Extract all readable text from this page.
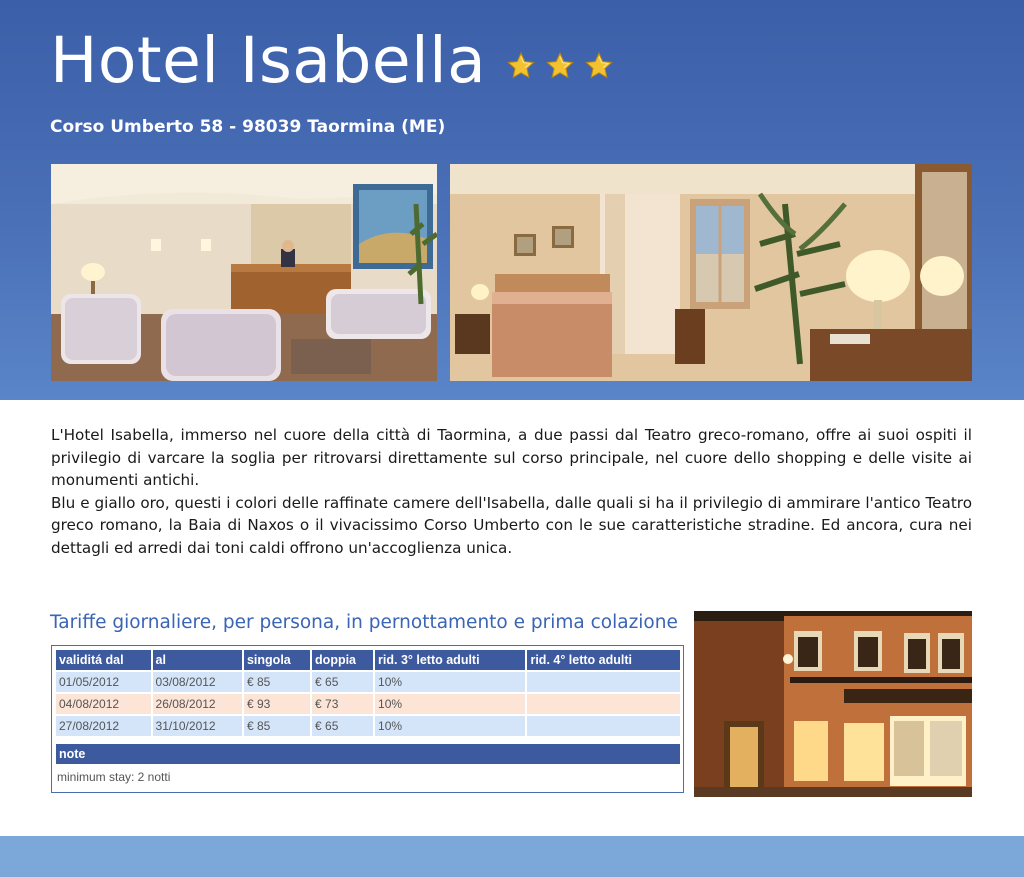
Hotel Isabella
Corso Umberto 58 - 98039 Taormina (ME)

L'Hotel Isabella, immerso nel cuore della città di Taormina, a due passi dal Teatro greco-romano, offre ai suoi ospiti il privilegio di varcare la soglia per ritrovarsi direttamente sul corso principale, nel cuore dello shopping e delle visite ai monumenti antichi.

Blu e giallo oro, questi i colori delle raffinate camere dell'Isabella, dalle quali si ha il privilegio di ammirare l'antico Teatro greco romano, la Baia di Naxos o il vivacissimo Corso Umberto con le sue caratteristiche stradine. Ed ancora, cura nei dettagli ed arredi dai toni caldi offrono un'accoglienza unica.

Tariffe giornaliere, per persona, in pernottamento e prima colazione
validitá dal	al	singola	doppia	rid. 3° letto adulti	rid. 4° letto adulti
01/05/2012	03/08/2012	€ 85	€ 65	10%	
04/08/2012	26/08/2012	€ 93	€ 73	10%	
27/08/2012	31/10/2012	€ 85	€ 65	10%	
note
minimum stay: 2 notti
